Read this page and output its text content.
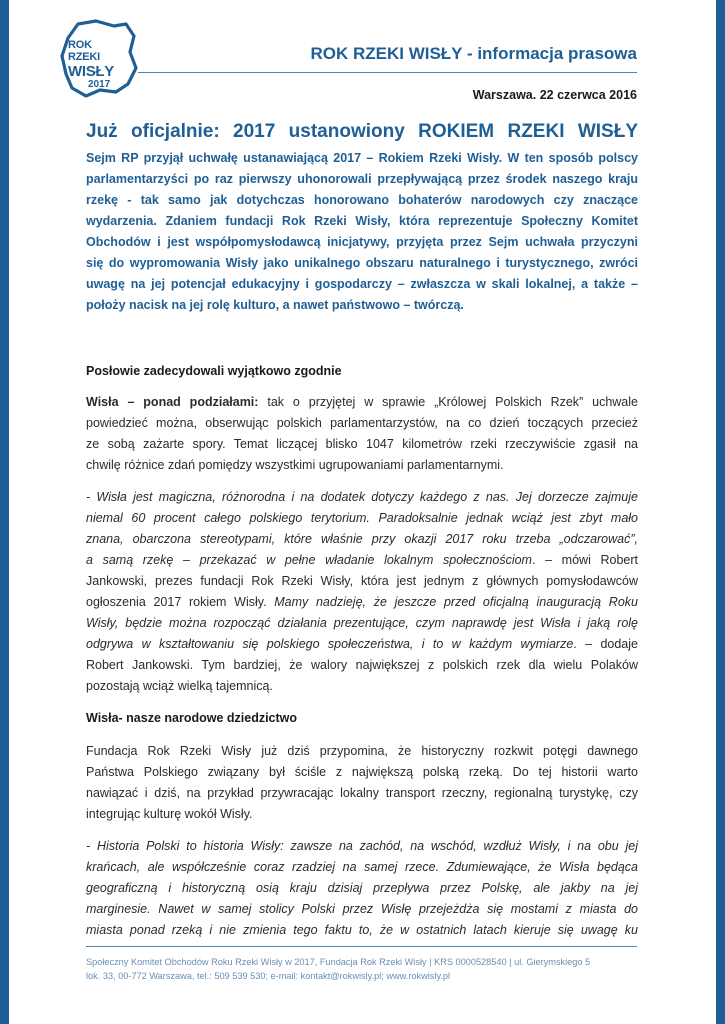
ROK
RZEKI
WISŁY
2017
ROK RZEKI WISŁY - informacja prasowa
Warszawa. 22 czerwca 2016
Już oficjalnie: 2017 ustanowiony ROKIEM RZEKI WISŁY
Sejm RP przyjął uchwałę ustanawiającą 2017 – Rokiem Rzeki Wisły. W ten sposób polscy
parlamentarzyści po raz pierwszy uhonorowali przepływającą przez środek naszego kraju
rzekę - tak samo jak dotychczas honorowano bohaterów narodowych czy znaczące
wydarzenia. Zdaniem fundacji Rok Rzeki Wisły, która reprezentuje Społeczny Komitet
Obchodów i jest współpomysłodawcą inicjatywy, przyjęta przez Sejm uchwała przyczyni
się do wypromowania Wisły jako unikalnego obszaru naturalnego i turystycznego, zwróci
uwagę na jej potencjał edukacyjny i gospodarczy – zwłaszcza w skali lokalnej, a także –
położy nacisk na jej rolę kulturo, a nawet państwowo – twórczą.
Posłowie zadecydowali wyjątkowo zgodnie
Wisła – ponad podziałami: tak o przyjętej w sprawie „Królowej Polskich Rzek” uchwale
powiedzieć można, obserwując polskich parlamentarzystów, na co dzień toczących przecież
ze sobą zażarte spory. Temat liczącej blisko 1047 kilometrów rzeki rzeczywiście zgasił na
chwilę różnice zdań pomiędzy wszystkimi ugrupowaniami parlamentarnymi.
- Wisła jest magiczna, różnorodna i na dodatek dotyczy każdego z nas. Jej dorzecze zajmuje
niemal 60 procent całego polskiego terytorium. Paradoksalnie jednak wciąż jest zbyt mało
znana, obarczona stereotypami, które właśnie przy okazji 2017 roku trzeba „odczarować”,
a samą rzekę – przekazać w pełne władanie lokalnym społecznościom. – mówi Robert
Jankowski, prezes fundacji Rok Rzeki Wisły, która jest jednym z głównych pomysłodawców
ogłoszenia 2017 rokiem Wisły. Mamy nadzieję, że jeszcze przed oficjalną inauguracją Roku
Wisły, będzie można rozpocząć działania prezentujące, czym naprawdę jest Wisła i jaką rolę
odgrywa w kształtowaniu się polskiego społeczeństwa, i to w każdym wymiarze. – dodaje
Robert Jankowski. Tym bardziej, że walory największej z polskich rzek dla wielu Polaków
pozostają wciąż wielką tajemnicą.
Wisła- nasze narodowe dziedzictwo
Fundacja Rok Rzeki Wisły już dziś przypomina, że historyczny rozkwit potęgi dawnego
Państwa Polskiego związany był ściśle z największą polską rzeką. Do tej historii warto
nawiązać i dziś, na przykład przywracając lokalny transport rzeczny, regionalną turystykę, czy
integrując kulturę wokół Wisły.
- Historia Polski to historia Wisły: zawsze na zachód, na wschód, wzdłuż Wisły, i na obu jej
krańcach, ale współcześnie coraz rzadziej na samej rzece. Zdumiewające, że Wisła będąca
geograficzną i historyczną osią kraju dzisiaj przepływa przez Polskę, ale jakby na jej
marginesie. Nawet w samej stolicy Polski przez Wisłę przejeżdża się mostami z miasta do
miasta ponad rzeką i nie zmienia tego faktu to, że w ostatnich latach kieruje się uwagę ku
Społeczny Komitet Obchodów Roku Rzeki Wisły w 2017, Fundacja Rok Rzeki Wisły | KRS 0000528540 | ul. Gierymskiego 5
lok. 33, 00-772 Warszawa, tel.: 509 539 530; e-mail: kontakt@rokwisly.pl; www.rokwisly.pl
